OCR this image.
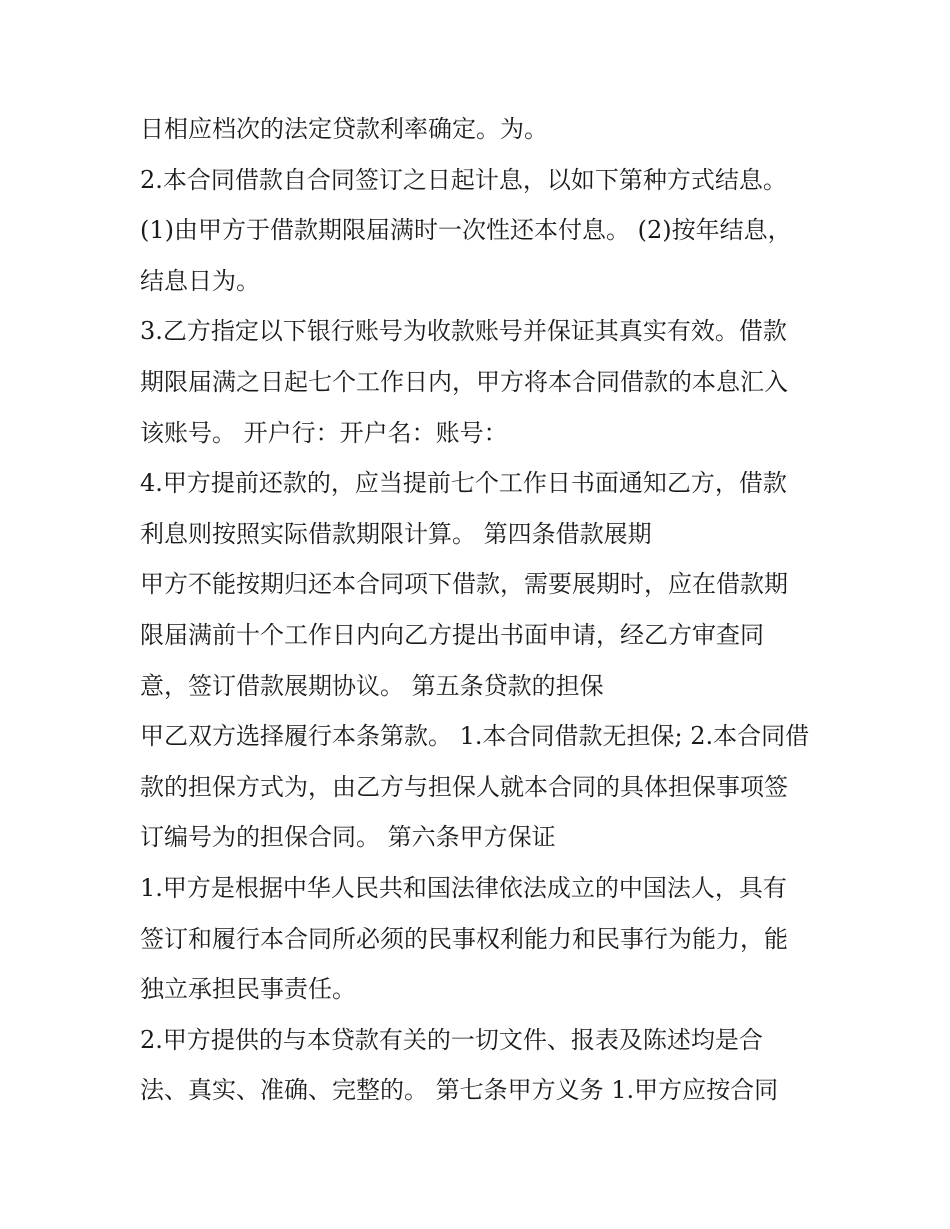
日相应档次的法定贷款利率确定。为。
2.本合同借款自合同签订之日起计息，以如下第种方式结息。
(1)由甲方于借款期限届满时一次性还本付息。 (2)按年结息，
结息日为。
3.乙方指定以下银行账号为收款账号并保证其真实有效。借款
期限届满之日起七个工作日内，甲方将本合同借款的本息汇入
该账号。 开户行：开户名：账号：
4.甲方提前还款的，应当提前七个工作日书面通知乙方，借款
利息则按照实际借款期限计算。 第四条借款展期
甲方不能按期归还本合同项下借款，需要展期时，应在借款期
限届满前十个工作日内向乙方提出书面申请，经乙方审查同
意，签订借款展期协议。 第五条贷款的担保
甲乙双方选择履行本条第款。 1.本合同借款无担保; 2.本合同借
款的担保方式为，由乙方与担保人就本合同的具体担保事项签
订编号为的担保合同。 第六条甲方保证
1.甲方是根据中华人民共和国法律依法成立的中国法人，具有
签订和履行本合同所必须的民事权利能力和民事行为能力，能
独立承担民事责任。
2.甲方提供的与本贷款有关的一切文件、报表及陈述均是合
法、真实、准确、完整的。 第七条甲方义务 1.甲方应按合同
